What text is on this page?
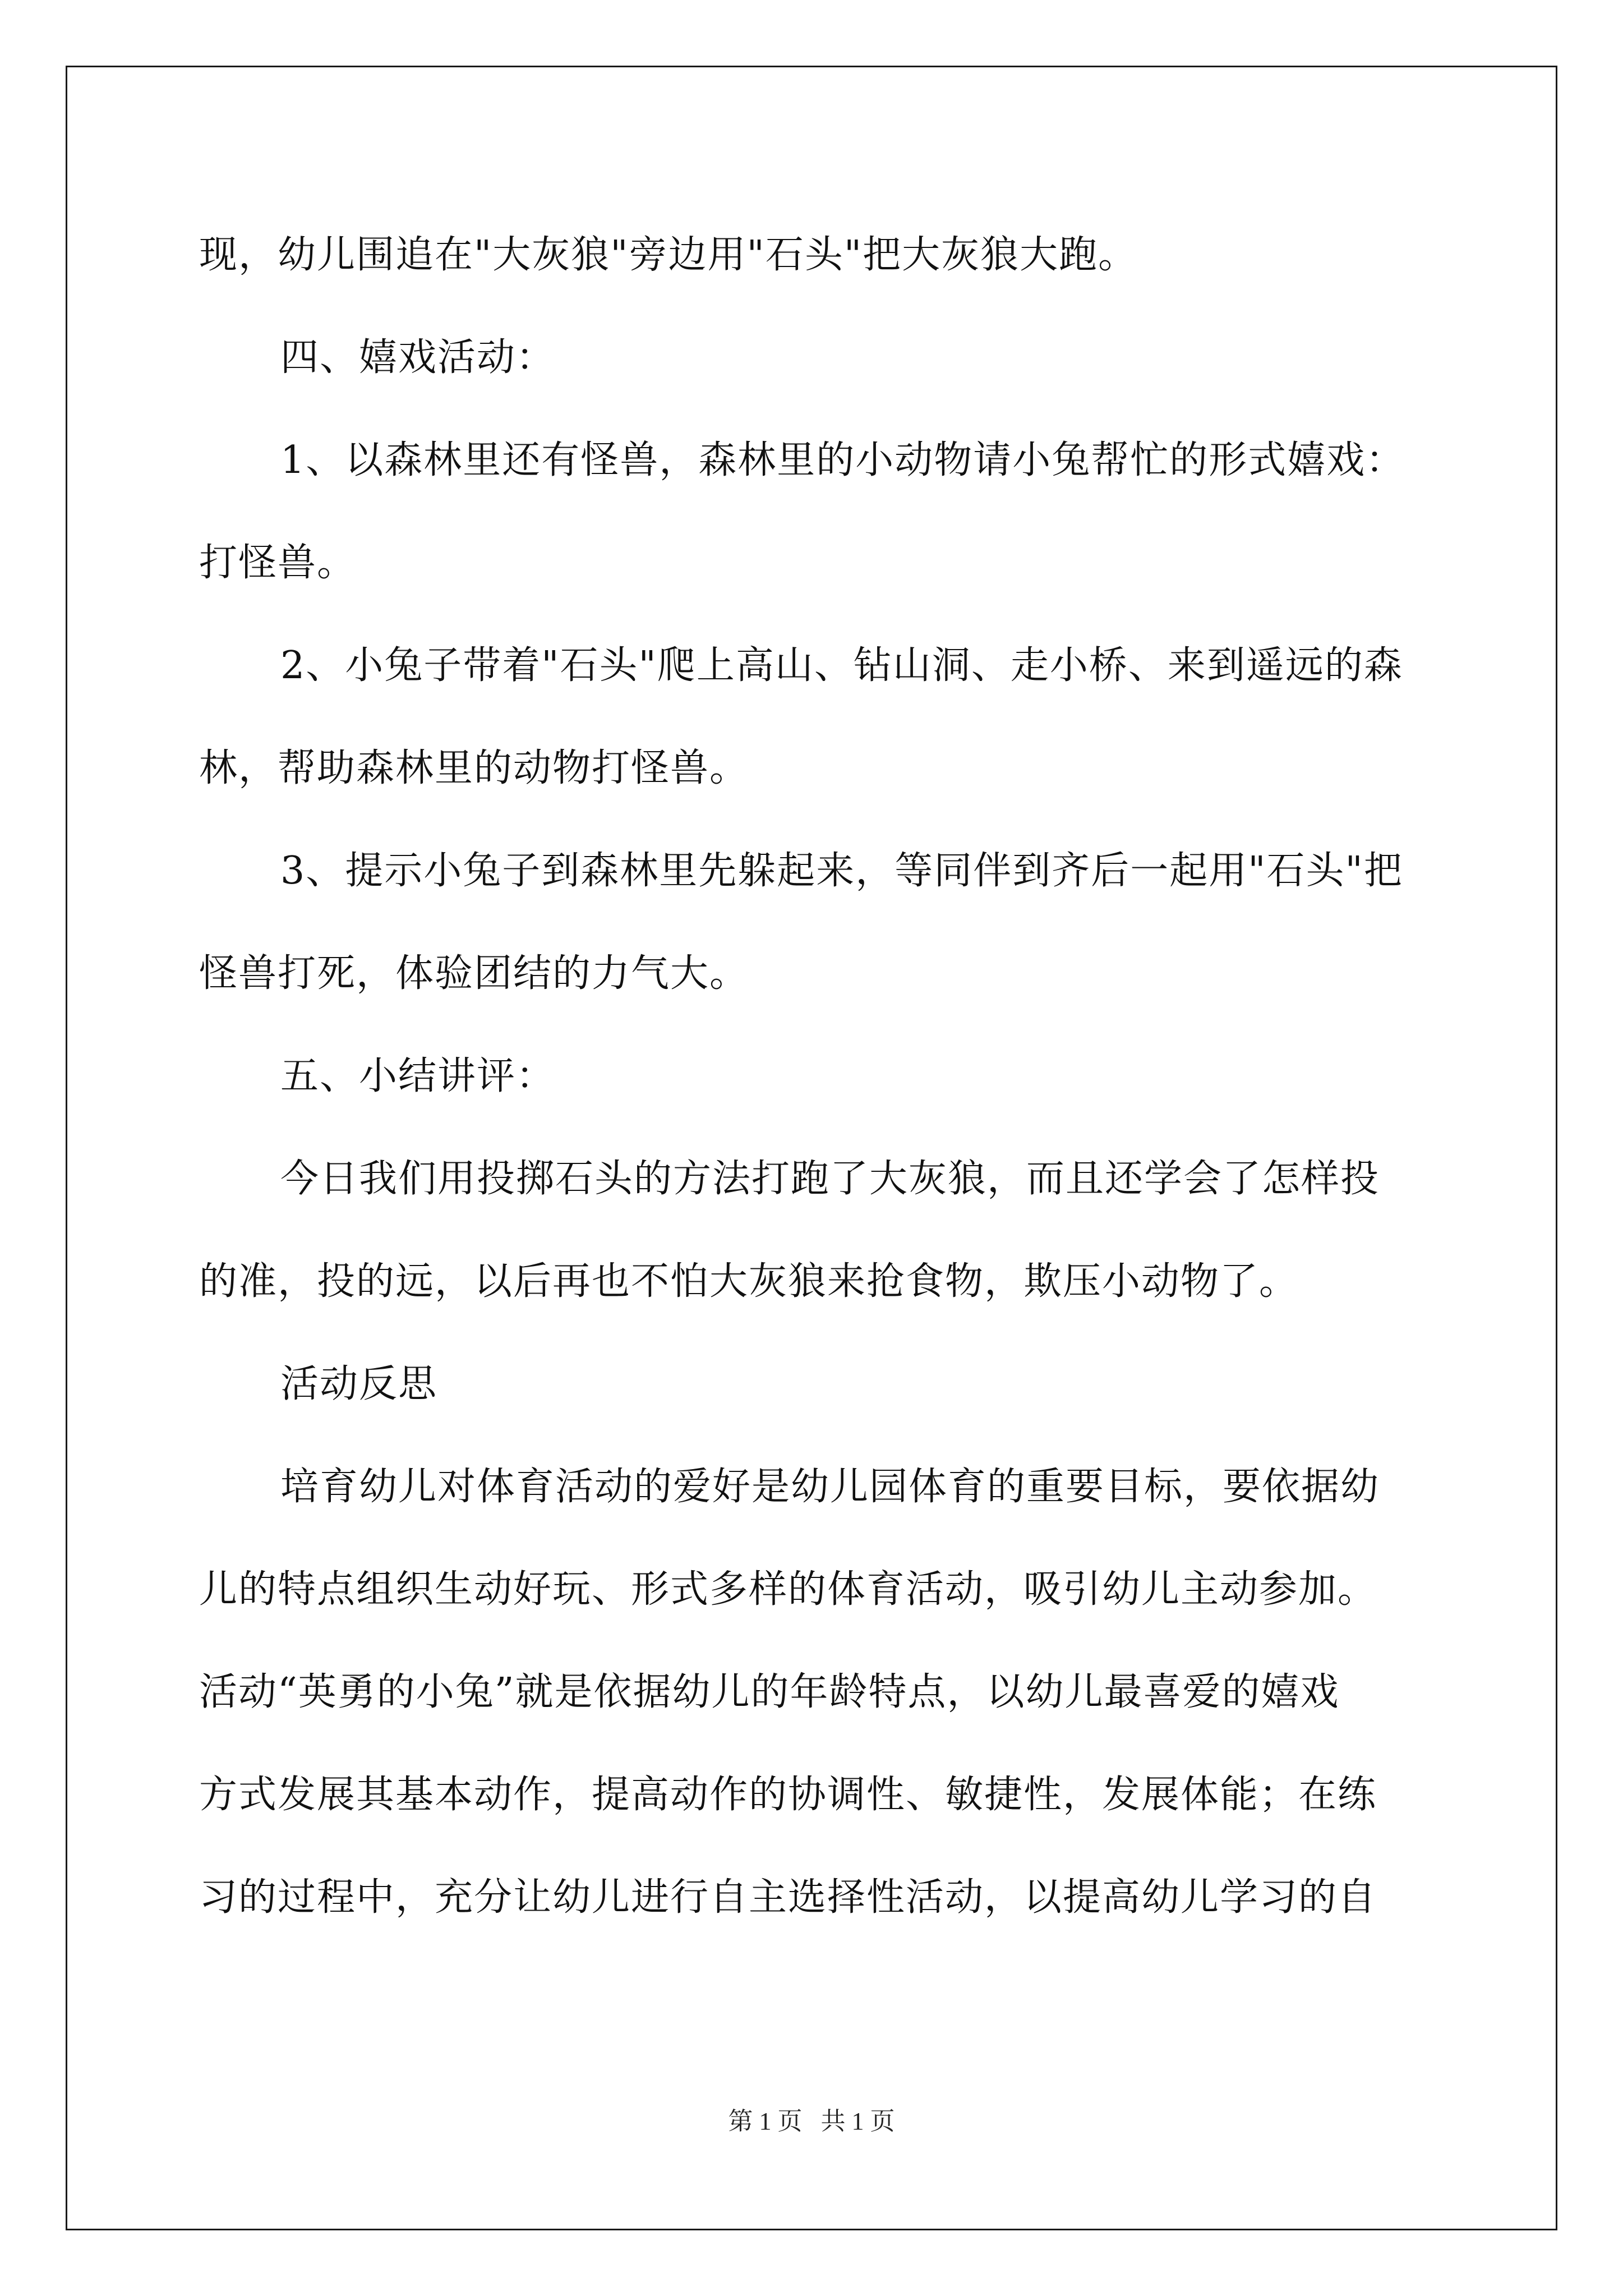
现，幼儿围追在"大灰狼"旁边用"石头"把大灰狼大跑。
四、嬉戏活动：
1、以森林里还有怪兽，森林里的小动物请小兔帮忙的形式嬉戏：
打怪兽。
2、小兔子带着"石头"爬上高山、钻山洞、走小桥、来到遥远的森
林，帮助森林里的动物打怪兽。
3、提示小兔子到森林里先躲起来，等同伴到齐后一起用"石头"把
怪兽打死，体验团结的力气大。
五、小结讲评：
今日我们用投掷石头的方法打跑了大灰狼，而且还学会了怎样投
的准，投的远，以后再也不怕大灰狼来抢食物，欺压小动物了。
活动反思
培育幼儿对体育活动的爱好是幼儿园体育的重要目标，要依据幼
儿的特点组织生动好玩、形式多样的体育活动，吸引幼儿主动参加。
活动“英勇的小兔”就是依据幼儿的年龄特点，以幼儿最喜爱的嬉戏
方式发展其基本动作，提高动作的协调性、敏捷性，发展体能；在练
习的过程中，充分让幼儿进行自主选择性活动，以提高幼儿学习的自
第 1 页   共 1 页
